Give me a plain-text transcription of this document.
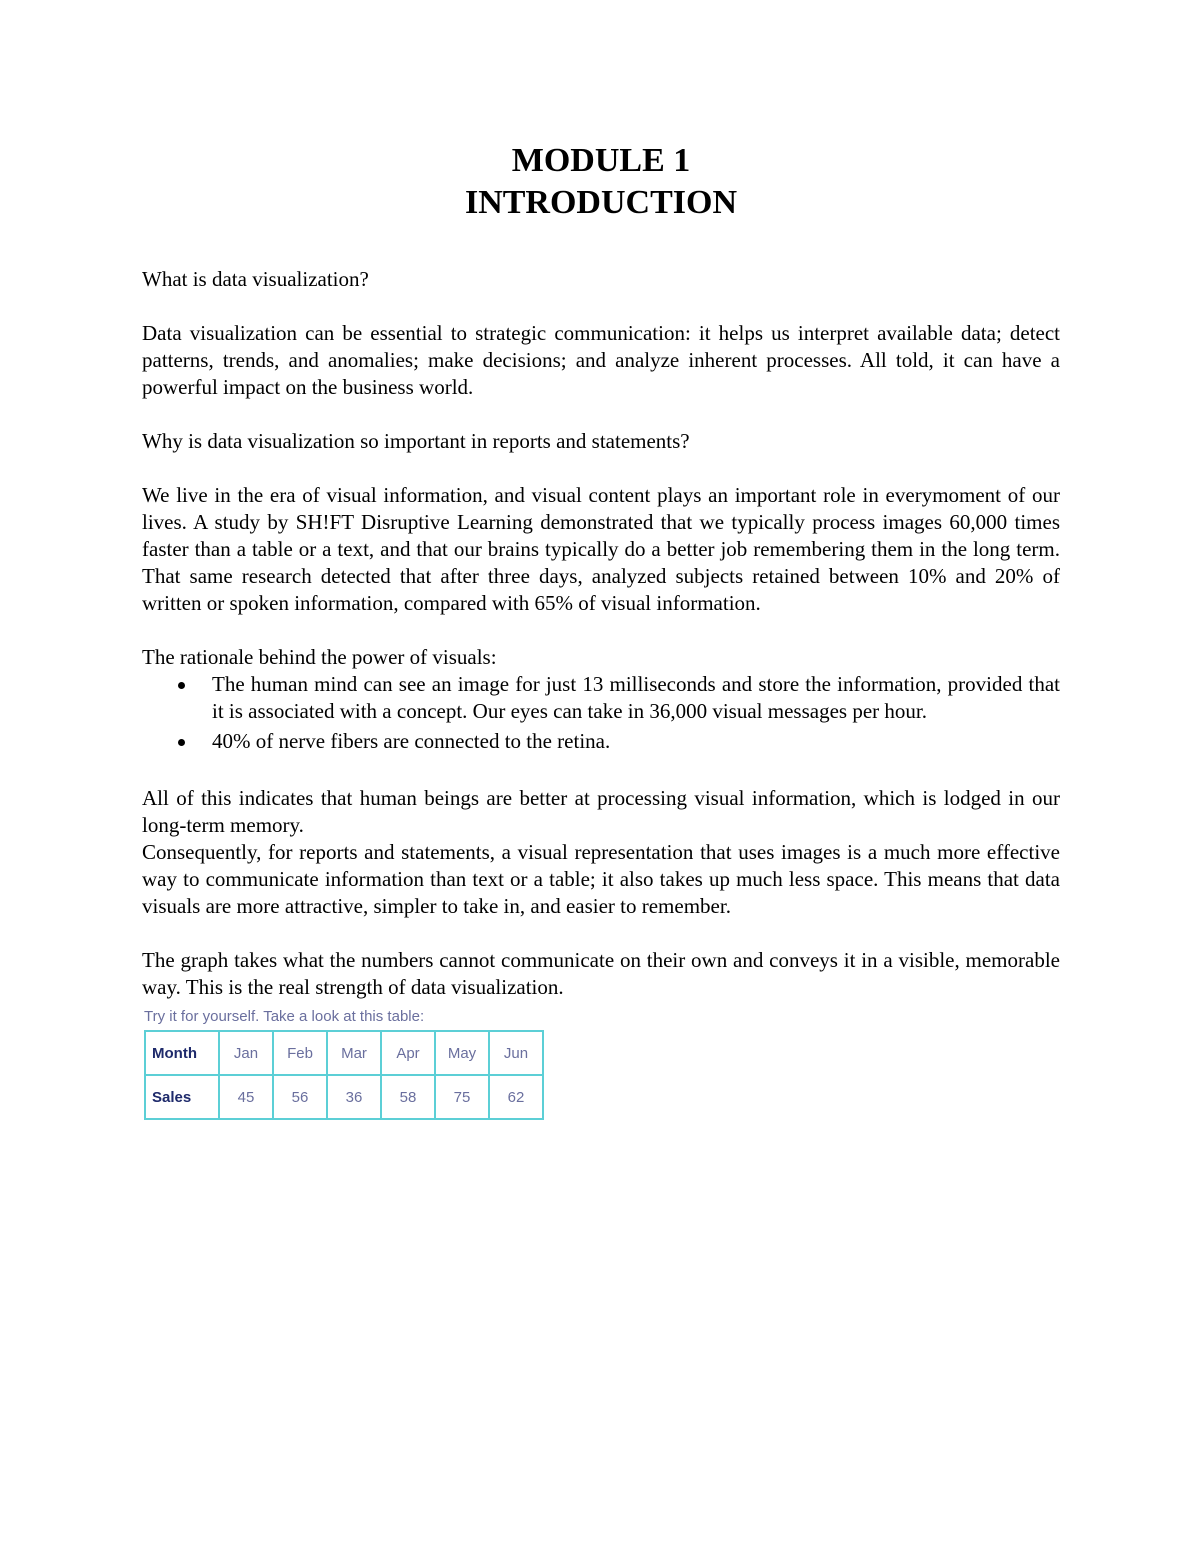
MODULE 1
INTRODUCTION

What is data visualization?

Data visualization can be essential to strategic communication: it helps us interpret available data; detect patterns, trends, and anomalies; make decisions; and analyze inherent processes. All told, it can have a powerful impact on the business world.

Why is data visualization so important in reports and statements?

We live in the era of visual information, and visual content plays an important role in everymoment of our lives. A study by SH!FT Disruptive Learning demonstrated that we typically process images 60,000 times faster than a table or a text, and that our brains typically do a better job remembering them in the long term. That same research detected that after three days, analyzed subjects retained between 10% and 20% of written or spoken information, compared with 65% of visual information.

The rationale behind the power of visuals:

The human mind can see an image for just 13 milliseconds and store the information, provided that it is associated with a concept. Our eyes can take in 36,000 visual messages per hour.
40% of nerve fibers are connected to the retina.

All of this indicates that human beings are better at processing visual information, which is lodged in our long-term memory.

Consequently, for reports and statements, a visual representation that uses images is a much more effective way to communicate information than text or a table; it also takes up much less space. This means that data visuals are more attractive, simpler to take in, and easier to remember.

The graph takes what the numbers cannot communicate on their own and conveys it in a visible, memorable way. This is the real strength of data visualization.

Try it for yourself. Take a look at this table:
Month	Jan	Feb	Mar	Apr	May	Jun
Sales	45	56	36	58	75	62
